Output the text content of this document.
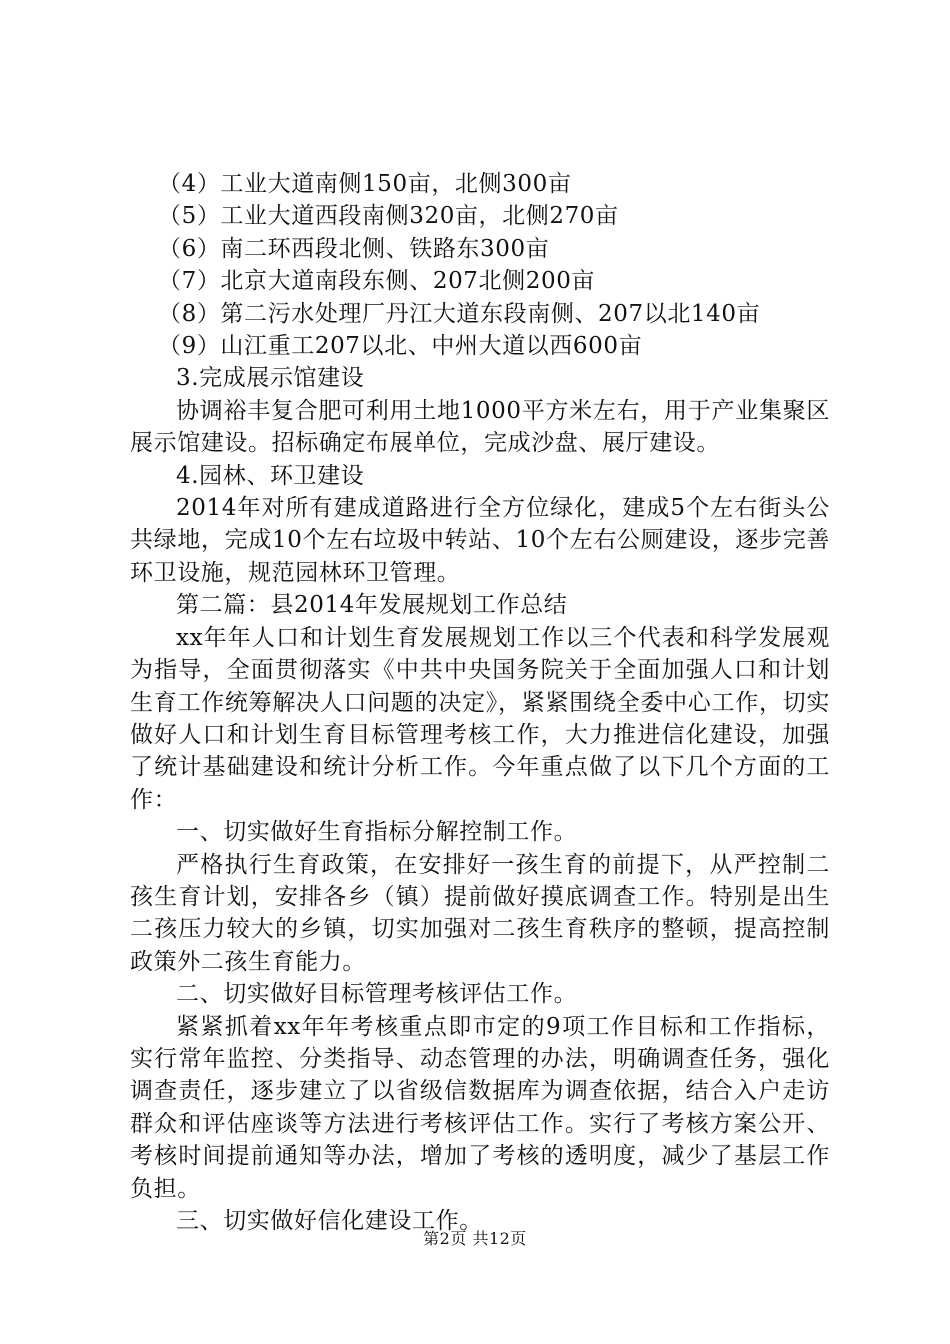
（4）工业大道南侧150亩，北侧300亩

（5）工业大道西段南侧320亩，北侧270亩

（6）南二环西段北侧、铁路东300亩

（7）北京大道南段东侧、207北侧200亩

（8）第二污水处理厂丹江大道东段南侧、207以北140亩

（9）山江重工207以北、中州大道以西600亩

3.完成展示馆建设

协调裕丰复合肥可利用土地1000平方米左右，用于产业集聚区展示馆建设。招标确定布展单位，完成沙盘、展厅建设。

4.园林、环卫建设

2014年对所有建成道路进行全方位绿化，建成5个左右街头公共绿地，完成10个左右垃圾中转站、10个左右公厕建设，逐步完善环卫设施，规范园林环卫管理。

第二篇：县2014年发展规划工作总结

xx年年人口和计划生育发展规划工作以三个代表和科学发展观为指导，全面贯彻落实《中共中央国务院关于全面加强人口和计划生育工作统筹解决人口问题的决定》，紧紧围绕全委中心工作，切实做好人口和计划生育目标管理考核工作，大力推进信化建设，加强了统计基础建设和统计分析工作。今年重点做了以下几个方面的工作：

一、切实做好生育指标分解控制工作。

严格执行生育政策，在安排好一孩生育的前提下，从严控制二孩生育计划，安排各乡（镇）提前做好摸底调查工作。特别是出生二孩压力较大的乡镇，切实加强对二孩生育秩序的整顿，提高控制政策外二孩生育能力。

二、切实做好目标管理考核评估工作。

紧紧抓着xx年年考核重点即市定的9项工作目标和工作指标，实行常年监控、分类指导、动态管理的办法，明确调查任务，强化调查责任，逐步建立了以省级信数据库为调查依据，结合入户走访群众和评估座谈等方法进行考核评估工作。实行了考核方案公开、考核时间提前通知等办法，增加了考核的透明度，减少了基层工作负担。

三、切实做好信化建设工作。

第2页 共12页
